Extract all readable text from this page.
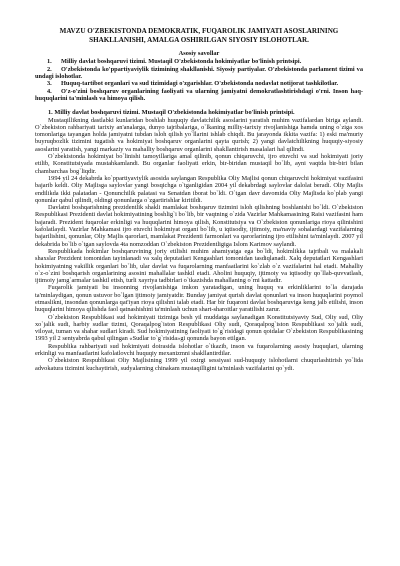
MAVZU O'ZBEKISTONDA DEMOKRATIK, FUQAROLIK JAMIYATI ASOSLARINING SHAKLLANISHI, AMALGA OSHIRILGAN SIYOSIY ISLOHOTLAR.
Asosiy savollar
1. Milliy davlat boshqaruvi tizimi. Mustaqil O'zbekistonda hokimiyatlar bo'linish printsipi.
2. O'zbekistonda ko'ppartiyaviylik tizimining shakllanishi. Siyosiy partiyalar. O'zbekistonda parlament tizimi va undagi islohotlar.
3. Huquq-tartibot organlari va sud tizimidagi o'zgarishlar. O'zbekistonda nodavlat notijorat tashkilotlar.
4. O'z-o'zini boshqaruv organlarining faoliyati va ularning jamiyatni demokratlashtirishdagi o'rni. Inson haq-huquqlarini ta'minlash va himoya qilish.
1. Milliy davlat boshqaruvi tizimi. Mustaqil O'zbekistonda hokimiyatlar bo'linish printsipi.

Mustaqillikning dastlabki kunlaridan boshlab huquqiy davlatchilik asoslarini yaratish muhim vazifalardan biriga aylandi. O`zbekiston rahbariyati tarixiy an'analarga, dunyo tajribalariga, o`lkaning milliy-tarixiy rivojlanishiga hamda uning o`ziga xos tomonlariga tayangan holda jamiyatni tubdan isloh qilish yo`llarini ishlab chiqdi. Bu jarayonda ikkita vazifa: 1) eski ma'muriy buyruqbozlik tizimini tugatish va hokimiyat boshqaruv organlarini qayta qurish; 2) yangi davlatchilikning huquqiy-siyosiy asoslarini yaratish, yangi markaziy va mahalliy boshqaruv organlarini shakllantirish masalalari hal qilindi.

O`zbekistonda hokimiyat bo`linishi tamoyillariga amal qilinib, qonun chiqaruvchi, ijro etuvchi va sud hokimiyati joriy etilib, Konstitutsiyada mustahkamlandi. Bu organlar faoliyati erkin, bir-biridan mustaqil bo`lib, ayni vaqtda bir-biri bilan chambarchas bog`liqdir.

1994 yil 24 dekabrda ko`ppartiyaviylik asosida saylangan Respublika Oliy Majlisi qonun chiqaruvchi hokimiyat vazifasini bajarib keldi. Oliy Majlisga saylovlar yangi bosqichga o`tganligidan 2004 yil dekabrdagi saylovlar dalolat beradi. Oliy Majlis endilikda ikki palatadan - Qonunchilik palatasi va Senatdan iborat bo`ldi. O`tgan davr davomida Oliy Majlisda ko`plab yangi qonunlar qabul qilindi, oldingi qonunlarga o`zgartirishlar kiritildi.

Davlatni boshqarishning prezidentlik shakli mamlakat boshqaruv tizimini isloh qilishning boshlanishi bo`ldi. O`zbekiston Respublikasi Prezidenti davlat hokimiyatining boshlig`i bo`lib, bir vaqtning o`zida Vazirlar Mahkamasining Raisi vazifasini ham bajaradi. Prezident fuqarolar erkinligi va huquqlarini himoya qilish, Konstitutsiya va O`zbekiston qonunlariga rioya qilinishini kafolatlaydi. Vazirlar Mahkamasi ijro etuvchi hokimiyat organi bo`lib, u iqtisodiy, ijtimoiy, ma'naviy sohalardagi vazifalarning bajarilishini, qonunlar, Oliy Majlis qarorlari, mamlakat Prezidenti farmonlari va qarorlarining ijro etilishini ta'minlaydi. 2007 yil dekabrida bo`lib o`tgan saylovda 4ta nomzoddan O`zbekiston Prezidentligiga Islom Karimov saylandi.

Respublikada hokimlar boshqaruvining joriy etilishi muhim ahamiyatga ega bo`ldi, hokimlikka tajribali va malakali shaxslar Prezident tomonidan tayinlanadi va xalq deputatlari Kengashlari tomonidan tasdiqlanadi. Xalq deputatlari Kengashlari hokimiyatning vakillik organlari bo`lib, ular davlat va fuqarolarning manfaatlarini ko`zlab o`z vazifalarini hal etadi. Mahalliy o`z-o`zini boshqarish organlarining asosini mahallalar tashkil etadi. Aholini huquqiy, ijtimoiy va iqtisodiy qo`llab-quvvatlash, ijtimoiy jamg`armalar tashkil etish, turli xayriya tadbirlari o`tkazishda mahallaning o`rni kattadir.

Fuqarolik jamiyati bu insonning rivojlanishiga imkon yaratadigan, uning huquq va erkinliklarini to`la darajada ta'minlaydigan, qonun ustuvor bo`lgan ijtimoiy jamiyatdir. Bunday jamiyat qurish davlat qonunlari va inson huquqlarini poymol etmaslikni, insondan qonunlarga qat'iyan rioya qilishni talab etadi. Har bir fuqaroni davlat boshqaruviga keng jalb etilishi, inson huquqlarini himoya qilishda faol qatnashishini ta'minlash uchun shart-sharoitlar yaratilishi zarur.

O`zbekiston Respublikasi sud hokimiyati tizimiga besh yil muddatga saylanadigan Konstitutsiyaviy Sud, Oliy sud, Oliy xo`jalik sudi, harbiy sudlar tizimi, Qoraqalpog`iston Respublikasi Oliy sudi, Qoraqalpog`iston Respublikasi xo`jalik sudi, viloyat, tuman va shahar sudlari kiradi. Sud hokimiyatining faoliyati to`g`risidagi qonun qoidalar O`zbekiston Respublikasining 1993 yil 2 sentyabrda qabul qilingan «Sudlar to`g`risida»gi qonunda bayon etilgan.

Respublika rahbariyati sud hokimiyati doirasida islohotlar o`tkazib, inson va fuqarolarning asosiy huquqlari, ularning erkinligi va manfaatlarini kafolatlovchi huquqiy mexanizmni shakllantirdilar.

O`zbekiston Respublikasi Oliy Majlisining 1999 yil oxirgi sessiyasi sud-huquqiy islohotlarni chuqurlashtirish yo`lida advokatura tizimini kuchaytirish, sudyalarning chinakam mustaqilligini ta'minlash vazifalarini qo`ydi.
